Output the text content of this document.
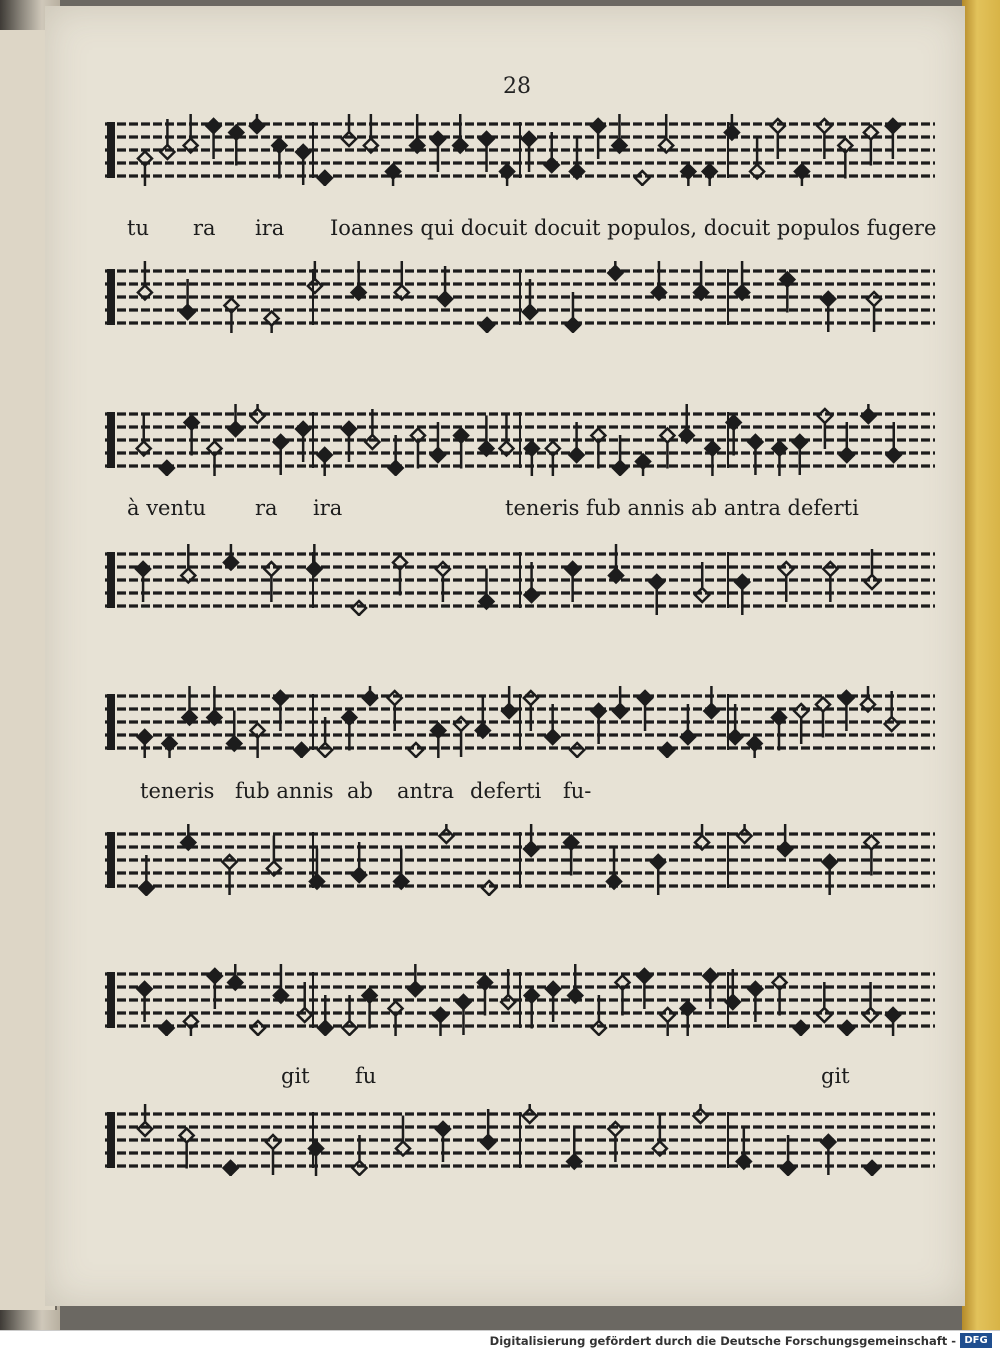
28
tu ra ira Ioannes qui docuit docuit populos, docuit populos fugere
à ventu ra ira	teneris fub annis ab antra deferti
teneris fub annis ab antra deferti fu-
git fu	git
Digitalisierung gefördert durch die Deutsche Forschungsgemeinschaft - DFG
